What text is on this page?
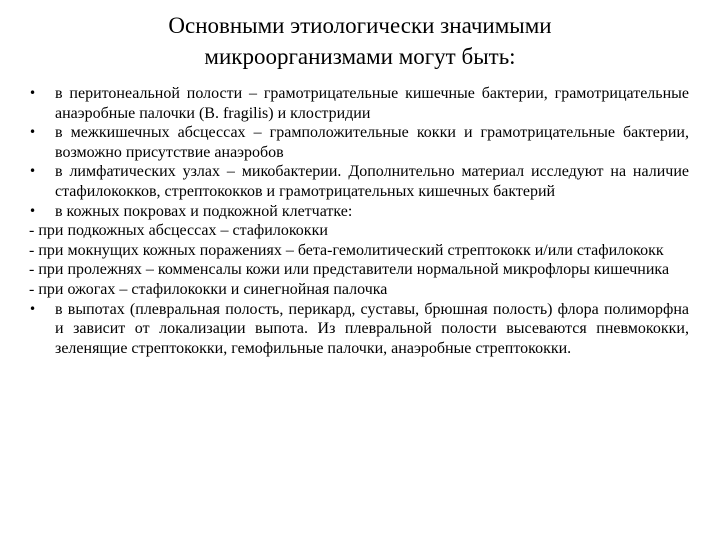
Основными этиологически значимыми
микроорганизмами могут быть:

•	в перитонеальной полости – грамотрицательные кишечные бактерии, грамотрицательные анаэробные палочки (B. fragilis) и клостридии

•	в межкишечных абсцессах – грамположительные кокки и грамотрицательные бактерии, возможно присутствие анаэробов

•	в лимфатических узлах – микобактерии. Дополнительно материал исследуют на наличие стафилококков, стрептококков и грамотрицательных кишечных бактерий

•	в кожных покровах и подкожной клетчатке:

- при подкожных абсцессах – стафилококки

- при мокнущих кожных поражениях – бета-гемолитический стрептококк и/или стафилококк

- при пролежнях – комменсалы кожи или представители нормальной микрофлоры кишечника

- при ожогах – стафилококки и синегнойная палочка

•	в выпотах (плевральная полость, перикард, суставы, брюшная полость) флора полиморфна и зависит от локализации выпота. Из плевральной полости высеваются пневмококки, зеленящие стрептококки, гемофильные палочки, анаэробные стрептококки.
